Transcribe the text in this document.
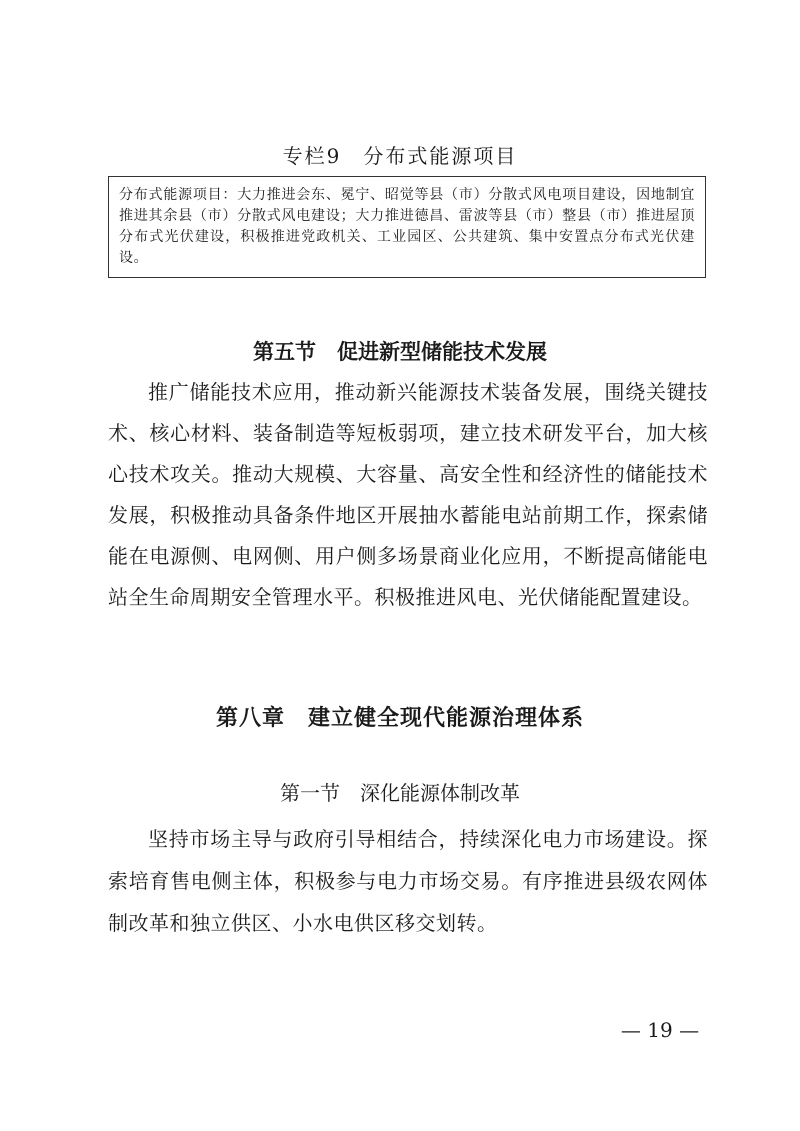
专栏9　分布式能源项目

分布式能源项目：大力推进会东、冕宁、昭觉等县（市）分散式风电项目建设，因地制宜推进其余县（市）分散式风电建设；大力推进德昌、雷波等县（市）整县（市）推进屋顶分布式光伏建设，积极推进党政机关、工业园区、公共建筑、集中安置点分布式光伏建设。

第五节　促进新型储能技术发展

推广储能技术应用，推动新兴能源技术装备发展，围绕关键技术、核心材料、装备制造等短板弱项，建立技术研发平台，加大核心技术攻关。推动大规模、大容量、高安全性和经济性的储能技术发展，积极推动具备条件地区开展抽水蓄能电站前期工作，探索储能在电源侧、电网侧、用户侧多场景商业化应用，不断提高储能电站全生命周期安全管理水平。积极推进风电、光伏储能配置建设。

第八章　建立健全现代能源治理体系
第一节　深化能源体制改革

坚持市场主导与政府引导相结合，持续深化电力市场建设。探索培育售电侧主体，积极参与电力市场交易。有序推进县级农网体制改革和独立供区、小水电供区移交划转。

— 19 —
